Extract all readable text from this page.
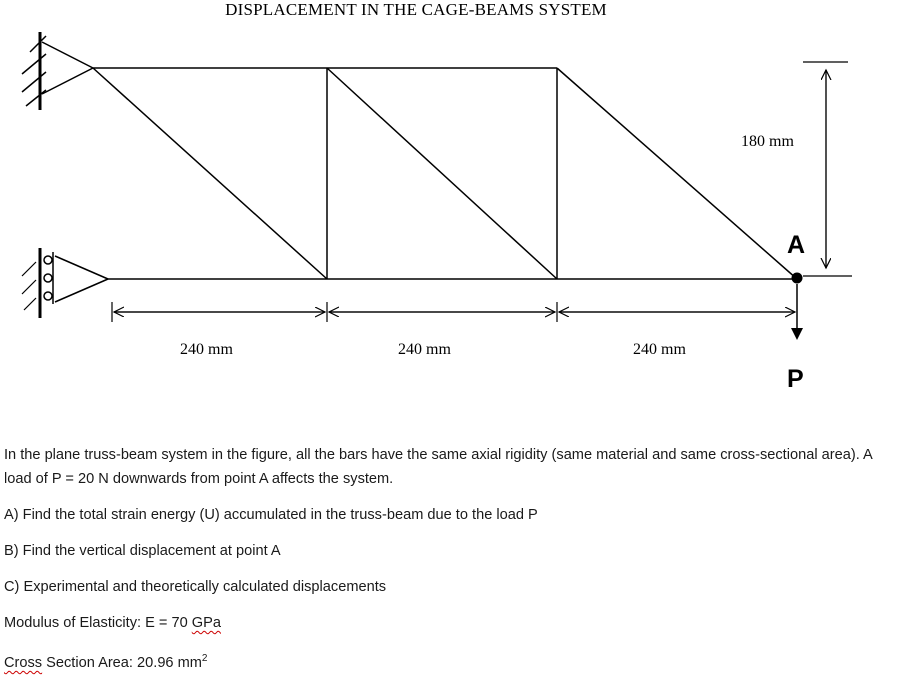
DISPLACEMENT IN THE CAGE-BEAMS SYSTEM
240 mm	240 mm	240 mm
180 mm
A
P

In the plane truss-beam system in the figure, all the bars have the same axial rigidity (same material and same cross-sectional area). A load of P = 20 N downwards from point A affects the system.

A) Find the total strain energy (U) accumulated in the truss-beam due to the load P

B) Find the vertical displacement at point A

C) Experimental and theoretically calculated displacements

Modulus of Elasticity: E = 70 GPa

Cross Section Area: 20.96 $mm^2$
